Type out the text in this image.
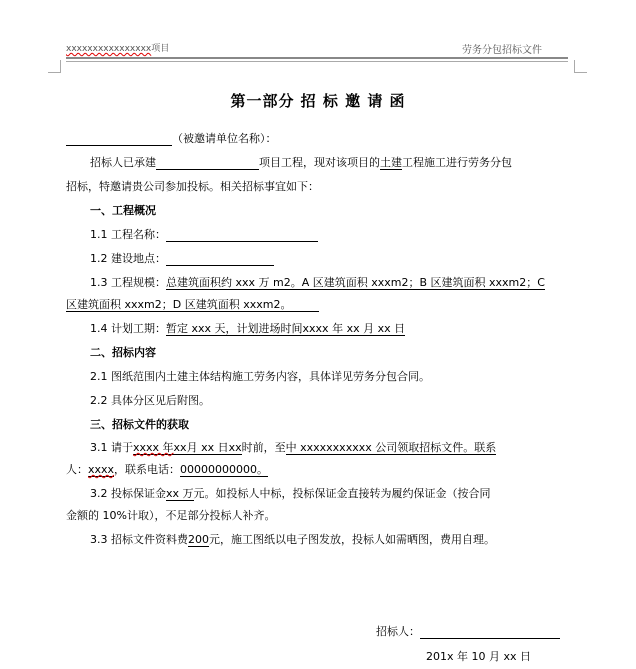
xxxxxxxxxxxxxxxx项目	劳务分包招标文件
第一部分 招 标 邀 请 函
（被邀请单位名称）：
招标人已承建	项目工程，现对该项目的土建工程施工进行劳务分包
招标，特邀请贵公司参加投标。相关招标事宜如下：
一、工程概况
1.1 工程名称：
1.2 建设地点：
1.3 工程规模：总建筑面积约 xxx 万 m2。A 区建筑面积 xxxm2；B 区建筑面积 xxxm2；C
区建筑面积 xxxm2；D 区建筑面积 xxxm2。
1.4 计划工期：暂定 xxx 天，计划进场时间xxxx 年 xx 月 xx 日
二、招标内容
2.1 图纸范围内土建主体结构施工劳务内容，具体详见劳务分包合同。
2.2 具体分区见后附图。
三、招标文件的获取
3.1 请于xxxx 年xx月 xx 日xx时前，至中 xxxxxxxxxxx 公司领取招标文件。联系
人：xxxx，联系电话：00000000000。
3.2 投标保证金xx 万元。如投标人中标，投标保证金直接转为履约保证金（按合同
金额的 10%计取），不足部分投标人补齐。
3.3 招标文件资料费200元，施工图纸以电子图发放，投标人如需晒图，费用自理。
招标人：
201x 年 10 月 xx 日
